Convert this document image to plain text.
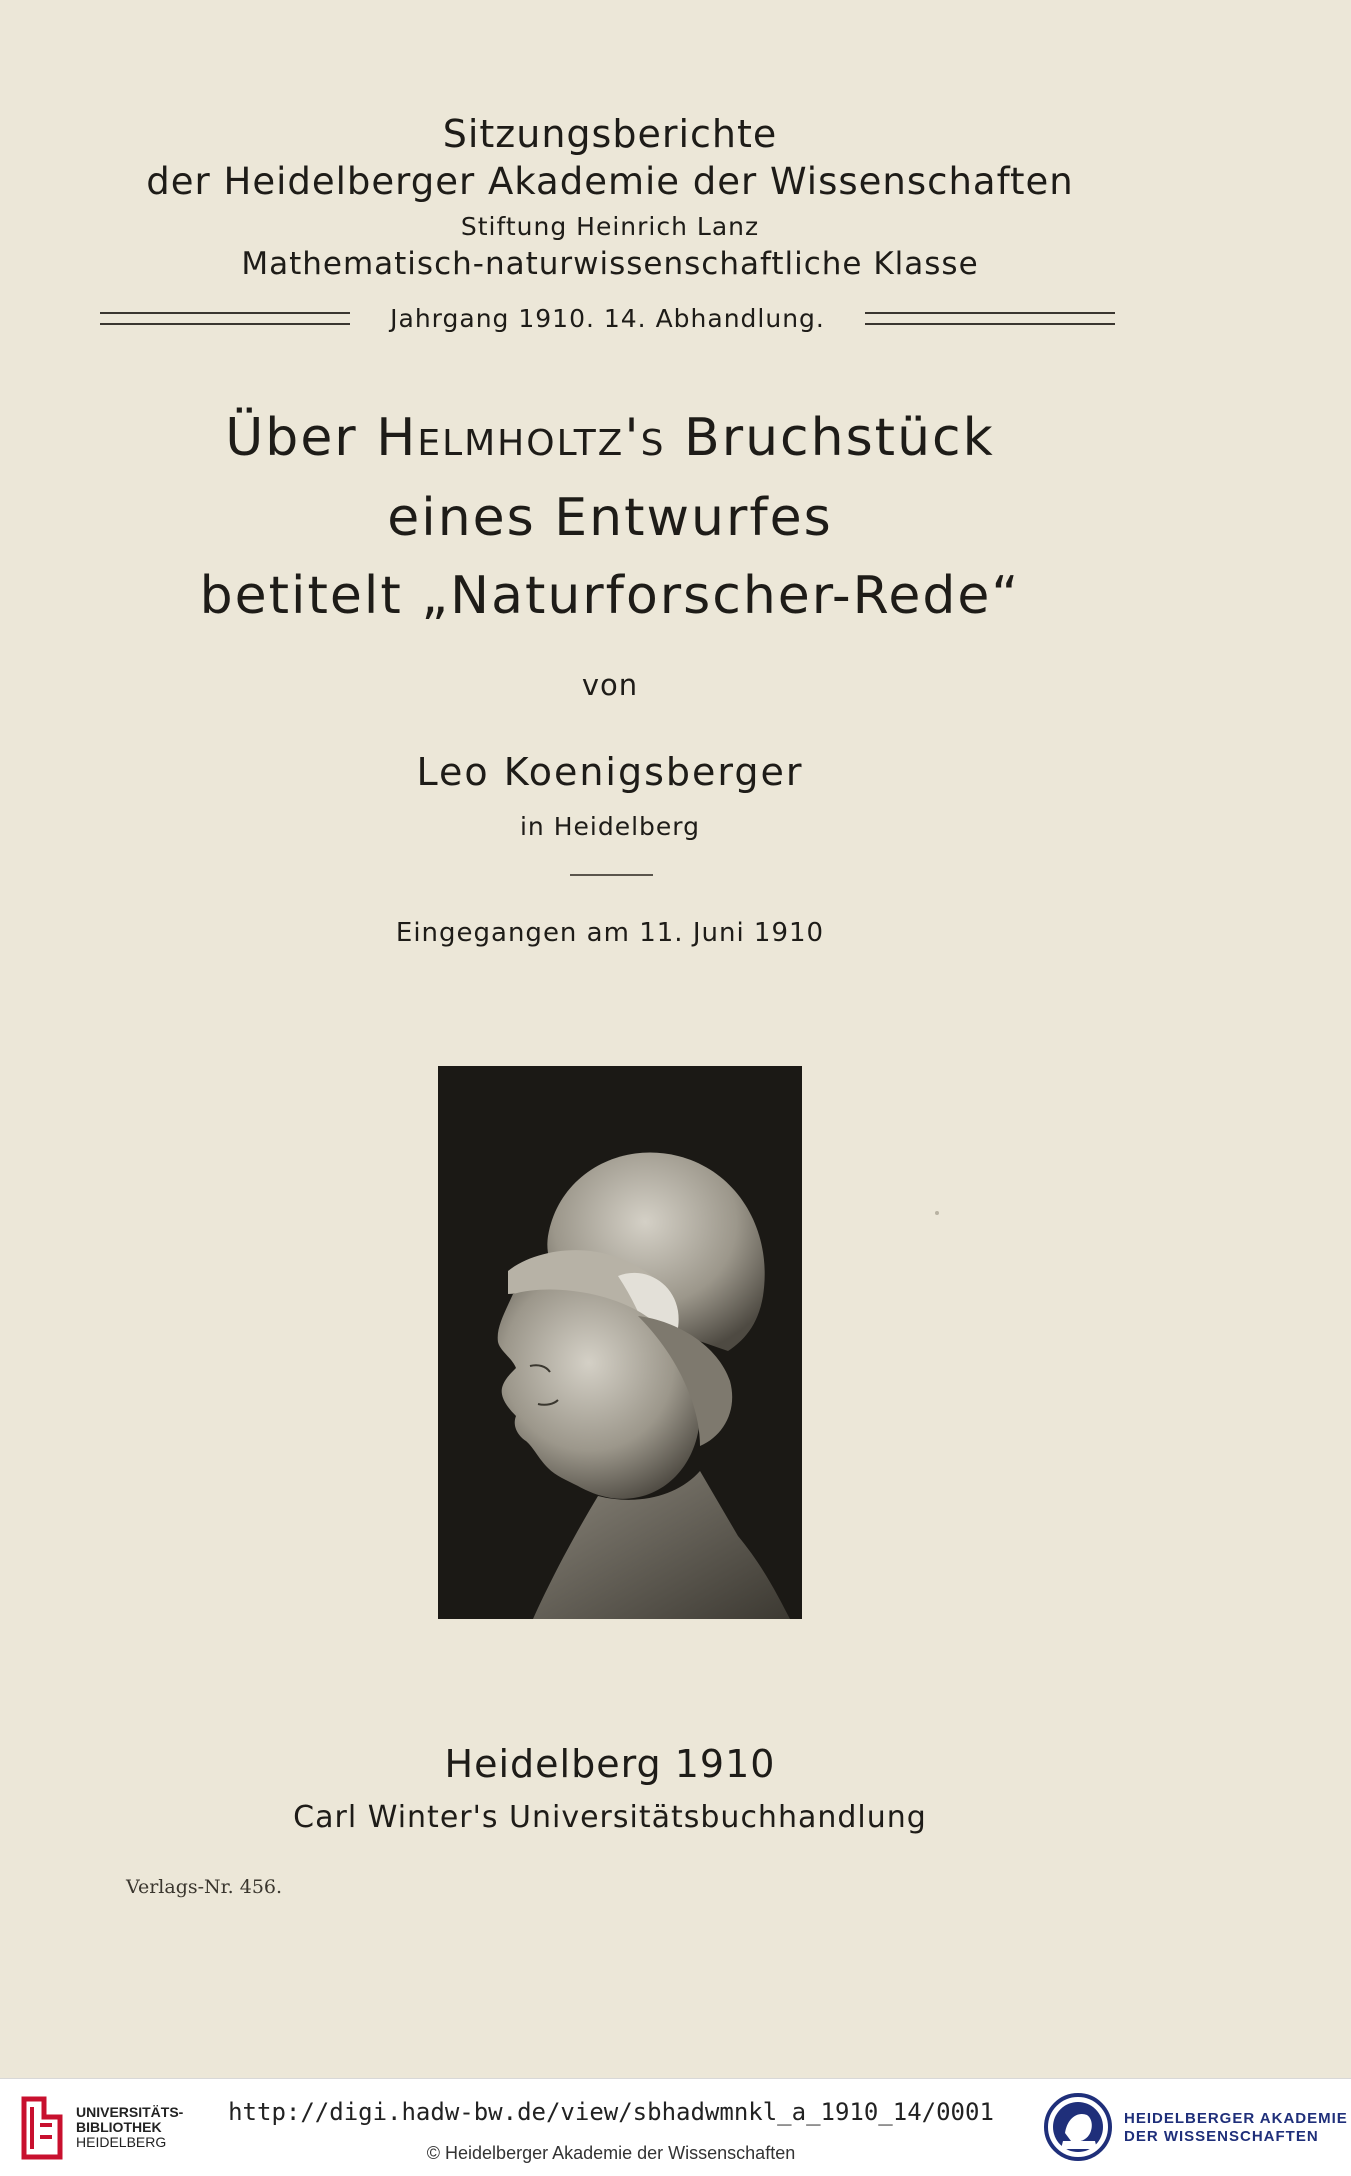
Sitzungsberichte
der Heidelberger Akademie der Wissenschaften
Stiftung Heinrich Lanz
Mathematisch-naturwissenschaftliche Klasse
Jahrgang 1910. 14. Abhandlung.
Über Helmholtz's Bruchstück
eines Entwurfes
betitelt „Naturforscher-Rede“
von
Leo Koenigsberger
in Heidelberg
Eingegangen am 11. Juni 1910
Heidelberg 1910
Carl Winter's Universitätsbuchhandlung
Verlags-Nr. 456.
UNIVERSITÄTS-
BIBLIOTHEK
HEIDELBERG
http://digi.hadw-bw.de/view/sbhadwmnkl_a_1910_14/0001
© Heidelberger Akademie der Wissenschaften
HEIDELBERGER AKADEMIE
DER WISSENSCHAFTEN
